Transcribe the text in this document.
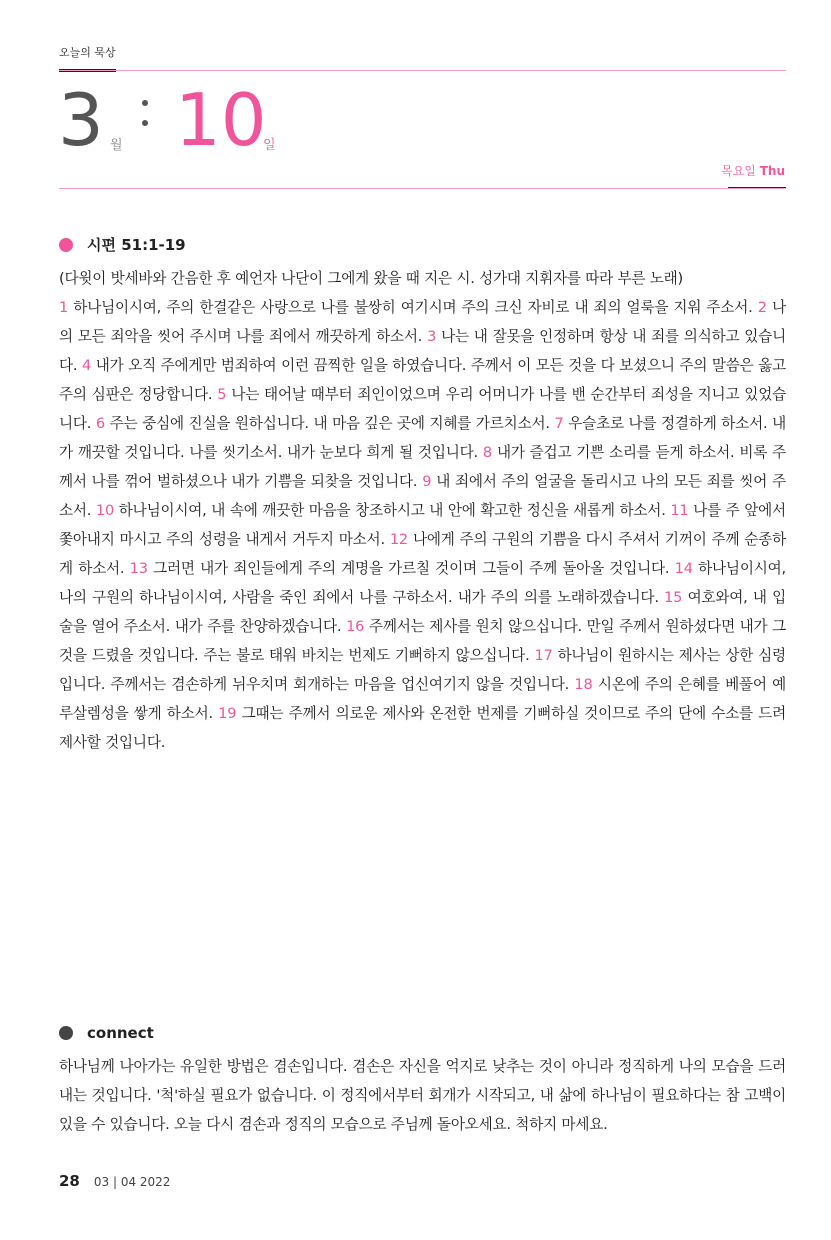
오늘의 묵상
3 월 10
일
목요일 Thu
시편 51:1-19

(다윗이 밧세바와 간음한 후 예언자 나단이 그에게 왔을 때 지은 시. 성가대 지휘자를 따라 부른 노래)

1 하나님이시여, 주의 한결같은 사랑으로 나를 불쌍히 여기시며 주의 크신 자비로 내 죄의 얼룩을 지워 주소서. 2 나의 모든 죄악을 씻어 주시며 나를 죄에서 깨끗하게 하소서. 3 나는 내 잘못을 인정하며 항상 내 죄를 의식하고 있습니다. 4 내가 오직 주에게만 범죄하여 이런 끔찍한 일을 하였습니다. 주께서 이 모든 것을 다 보셨으니 주의 말씀은 옳고 주의 심판은 정당합니다. 5 나는 태어날 때부터 죄인이었으며 우리 어머니가 나를 밴 순간부터 죄성을 지니고 있었습니다. 6 주는 중심에 진실을 원하십니다. 내 마음 깊은 곳에 지혜를 가르치소서. 7 우슬초로 나를 정결하게 하소서. 내가 깨끗할 것입니다. 나를 씻기소서. 내가 눈보다 희게 될 것입니다. 8 내가 즐겁고 기쁜 소리를 듣게 하소서. 비록 주께서 나를 꺾어 벌하셨으나 내가 기쁨을 되찾을 것입니다. 9 내 죄에서 주의 얼굴을 돌리시고 나의 모든 죄를 씻어 주소서. 10 하나님이시여, 내 속에 깨끗한 마음을 창조하시고 내 안에 확고한 정신을 새롭게 하소서. 11 나를 주 앞에서 쫓아내지 마시고 주의 성령을 내게서 거두지 마소서. 12 나에게 주의 구원의 기쁨을 다시 주셔서 기꺼이 주께 순종하게 하소서. 13 그러면 내가 죄인들에게 주의 계명을 가르칠 것이며 그들이 주께 돌아올 것입니다. 14 하나님이시여, 나의 구원의 하나님이시여, 사람을 죽인 죄에서 나를 구하소서. 내가 주의 의를 노래하겠습니다. 15 여호와여, 내 입술을 열어 주소서. 내가 주를 찬양하겠습니다. 16 주께서는 제사를 원치 않으십니다. 만일 주께서 원하셨다면 내가 그것을 드렸을 것입니다. 주는 불로 태워 바치는 번제도 기뻐하지 않으십니다. 17 하나님이 원하시는 제사는 상한 심령입니다. 주께서는 겸손하게 뉘우치며 회개하는 마음을 업신여기지 않을 것입니다. 18 시온에 주의 은혜를 베풀어 예루살렘성을 쌓게 하소서. 19 그때는 주께서 의로운 제사와 온전한 번제를 기뻐하실 것이므로 주의 단에 수소를 드려 제사할 것입니다.

connect
하나님께 나아가는 유일한 방법은 겸손입니다. 겸손은 자신을 억지로 낮추는 것이 아니라 정직하게 나의 모습을 드러내는 것입니다. '척'하실 필요가 없습니다. 이 정직에서부터 회개가 시작되고, 내 삶에 하나님이 필요하다는 참 고백이 있을 수 있습니다. 오늘 다시 겸손과 정직의 모습으로 주님께 돌아오세요. 척하지 마세요.
28 03 | 04 2022
